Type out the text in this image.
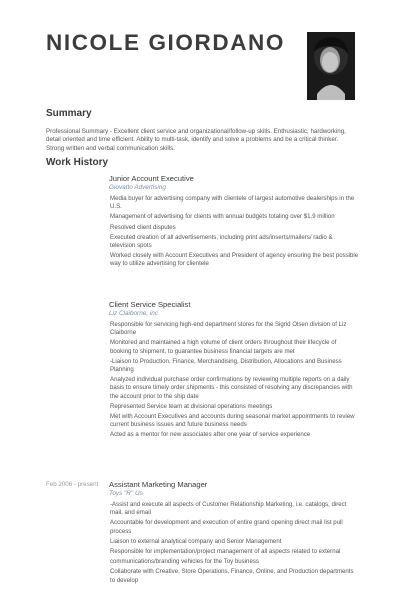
NICOLE GIORDANO
Summary

Professional Summary - Excellent client service and organizational/follow-up skills. Enthusiastic, hardworking, detail oriented and time efficient. Ability to multi-task, identify and solve a problems and be a critical thinker. Strong written and verbal communication skills.

Work History

Junior Account Executive

Giovatto Advertising

Media buyer for advertising company with clientele of largest automotive dealerships in the U.S.

Management of advertising for clients with annual budgets totaling over $1.9 million

Resolved client disputes

Executed creation of all advertisements, including print ads/inserts/mailers/ radio & television spots

Worked closely with Account Executives and President of agency ensuring the best possible way to utilize advertising for clientele

Client Service Specialist

Liz Claiborne, inc

Responsible for servicing high-end department stores for the Sigrid Olsen division of Liz Claiborne

Monitored and maintained a high volume of client orders throughout their lifecycle of booking to shipment, to guarantee business financial targets are met

-Liaison to Production, Finance, Merchandising, Distribution, Allocations and Business Planning

Analyzed individual purchase order confirmations by reviewing multiple reports on a daily basis to ensure timely order shipments - this consisted of resolving any discrepancies with the account prior to the ship date

Represented Service team at divisional operations meetings

Met with Account Executives and accounts during seasonal market appointments to review current business issues and future business needs

Acted as a mentor for new associates after one year of service experience

Feb 2006 - present	Assistant Marketing Manager

Toys "R" Us

-Assist and execute all aspects of Customer Relationship Marketing, i.e. catalogs, direct mail, and email

Accountable for development and execution of entire grand opening direct mail list pull process

Liaison to external analytical company and Senior Management

Responsible for implementation/project management of all aspects related to external

communications/branding vehicles for the Toy business

Collaborate with Creative, Store Operations, Finance, Online, and Production departments to develop
